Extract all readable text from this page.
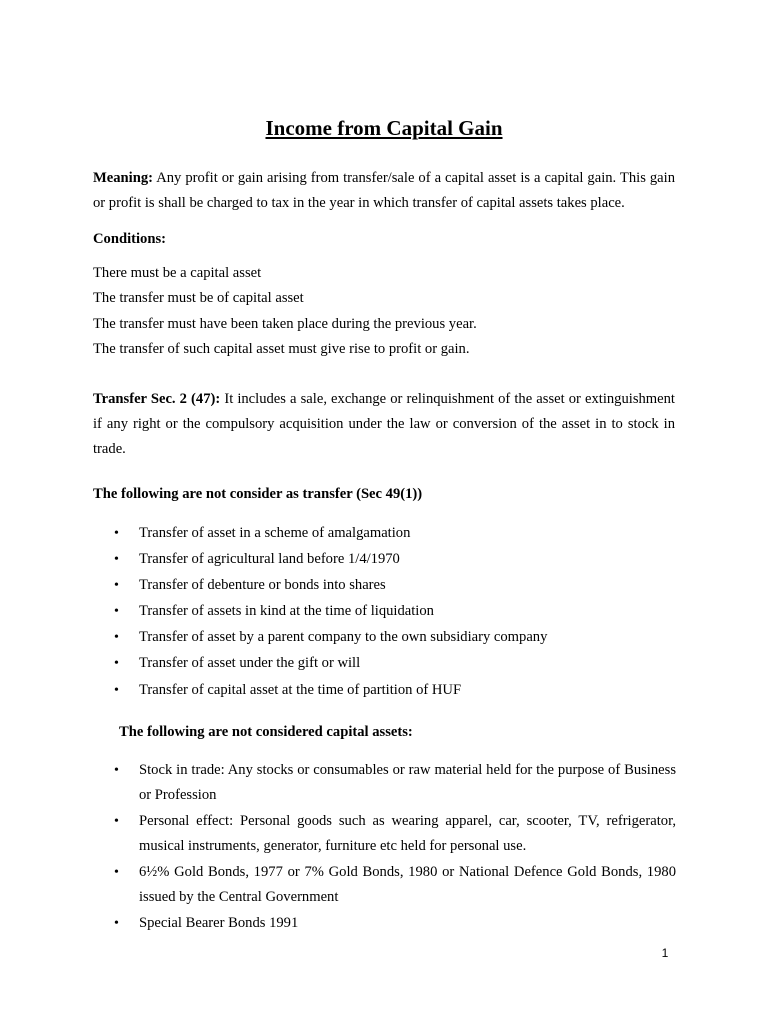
Income from Capital Gain
Meaning: Any profit or gain arising from transfer/sale of a capital asset is a capital gain. This gain or profit is shall be charged to tax in the year in which transfer of capital assets takes place.
Conditions:
There must be a capital asset
The transfer must be of capital asset
The transfer must have been taken place during the previous year.
The transfer of such capital asset must give rise to profit or gain.
Transfer Sec. 2 (47): It includes a sale, exchange or relinquishment of the asset or extinguishment if any right or the compulsory acquisition under the law or conversion of the asset in to stock in trade.
The following are not consider as transfer (Sec 49(1))
• Transfer of asset in a scheme of amalgamation
• Transfer of agricultural land before 1/4/1970
• Transfer of debenture or bonds into shares
• Transfer of assets in kind at the time of liquidation
• Transfer of asset by a parent company to the own subsidiary company
• Transfer of asset under the gift or will
• Transfer of capital asset at the time of partition of HUF
The following are not considered capital assets:
• Stock in trade: Any stocks or consumables or raw material held for the purpose of Business or Profession
• Personal effect: Personal goods such as wearing apparel, car, scooter, TV, refrigerator, musical instruments, generator, furniture etc held for personal use.
• 6½% Gold Bonds, 1977 or 7% Gold Bonds, 1980 or National Defence Gold Bonds, 1980 issued by the Central Government
• Special Bearer Bonds 1991
1
